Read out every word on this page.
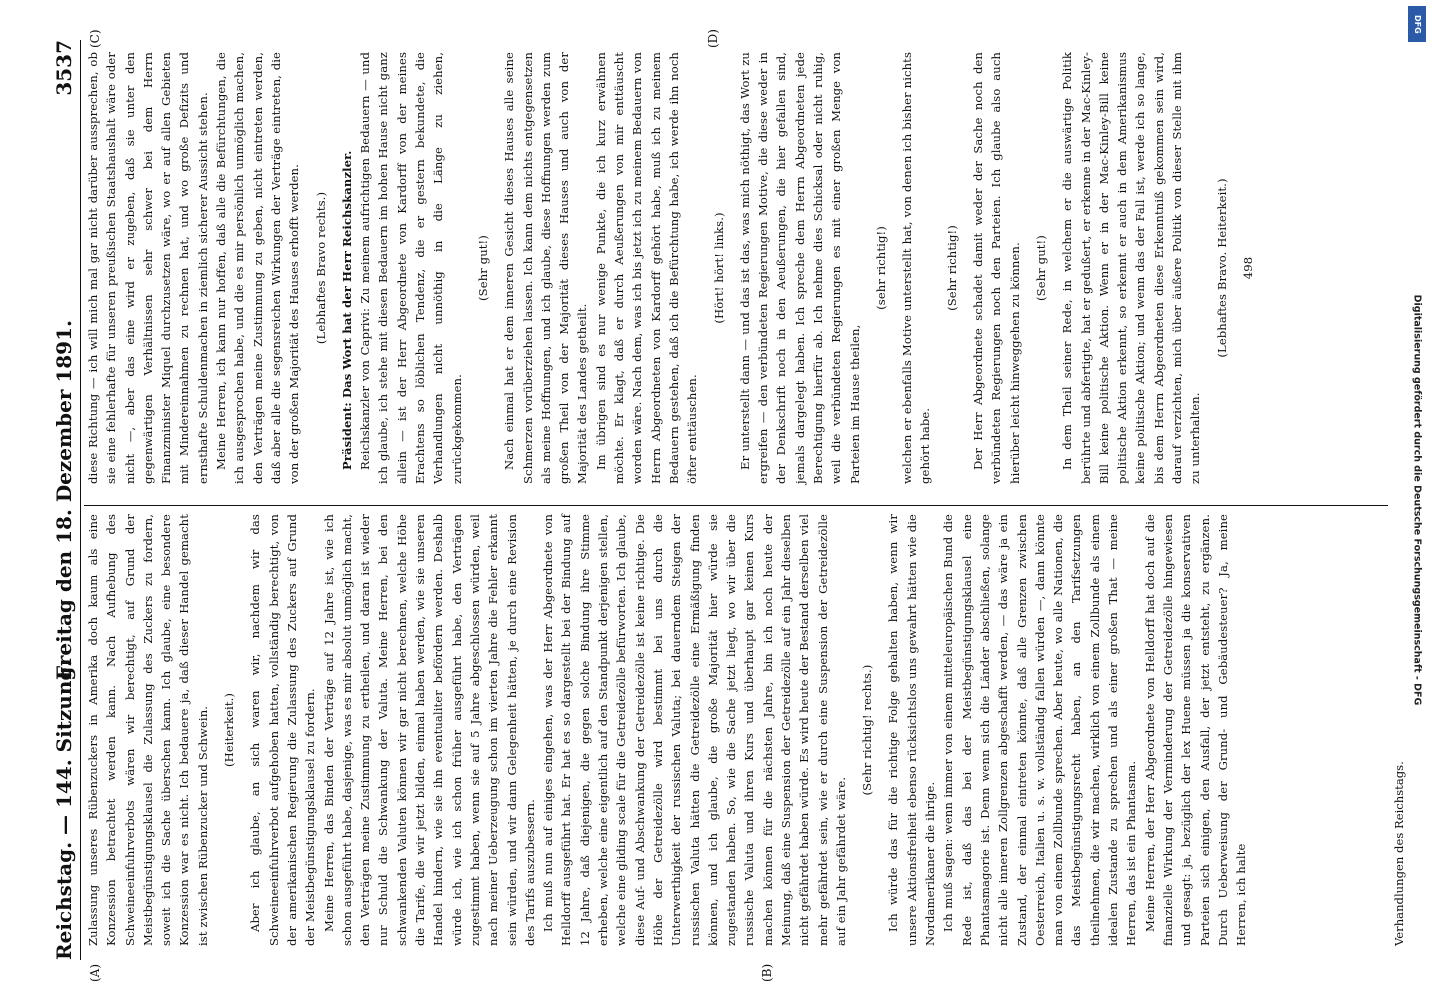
Reichstag. — 144. Sitzung.
Freitag den 18. Dezember 1891.
3537
(A)	(B)
(C)	(D)

Zulassung unseres Rübenzuckers in Amerika doch kaum als eine Konzession betrachtet werden kann. Nach Aufhebung des Schweineeinfuhrverbots wären wir berechtigt, auf Grund der Meistbegünstigungsklausel die Zulassung des Zuckers zu fordern, soweit ich die Sache überschen kann. Ich glaube, eine besondere Konzession war es nicht. Ich bedauere ja, daß dieser Handel gemacht ist zwischen Rübenzucker und Schwein. (Heiterkeit.) Aber ich glaube, an sich waren wir, nachdem wir das Schweineeinfuhrverbot aufgehoben hatten, vollständig berechtigt, von der amerikanischen Regierung die Zulassung des Zuckers auf Grund der Meistbegünstigungsklausel zu fordern. Meine Herren, das Binden der Verträge auf 12 Jahre ist, wie ich schon ausgeführt habe, dasjenige, was es mir absolut unmöglich macht, den Verträgen meine Zustimmung zu ertheilen, und daran ist wieder nur Schuld die Schwankung der Valuta. Meine Herren, bei den schwankenden Valuten können wir gar nicht berechnen, welche Höhe die Tarife, die wir jetzt bilden, einmal haben werden, wie sie unseren Handel hindern, wie sie ihn eventualiter befördern werden. Deshalb würde ich, wie ich schon früher ausgeführt habe, den Verträgen zugestimmt haben, wenn sie auf 5 Jahre abgeschlossen würden, weil nach meiner Ueberzeugung schon im vierten Jahre die Fehler erkannt sein würden, und wir dann Gelegenheit hätten, je durch eine Revision des Tarifs auszubessern. Ich muß nun auf einiges eingehen, was der Herr Abgeordnete von Helldorff ausgeführt hat. Er hat es so dargestellt bei der Bindung auf 12 Jahre, daß diejenigen, die gegen solche Bindung ihre Stimme erheben, welche eine eigentlich auf den Standpunkt derjenigen stellen, welche eine gliding scale für die Getreidezölle befürworten. Ich glaube, diese Auf- und Abschwankung der Getreidezölle ist keine richtige. Die Höhe der Getreidezölle wird bestimmt bei uns durch die Unterwerthigkeit der russischen Valuta; bei dauerndem Steigen der russischen Valuta hätten die Getreidezölle eine Ermäßigung finden können, und ich glaube, die große Majorität hier würde sie zugestanden haben. So, wie die Sache jetzt liegt, wo wir über die russische Valuta und ihren Kurs und überhaupt gar keinen Kurs machen können für die nächsten Jahre, bin ich noch heute der Meinung, daß eine Suspension der Getreidezölle auf ein Jahr dieselben nicht gefährdet haben würde. Es wird heute der Bestand derselben viel mehr gefährdet sein, wie er durch eine Suspension der Getreidezölle auf ein Jahr gefährdet wäre.

(Sehr richtig! rechts.) Ich würde das für die richtige Folge gehalten haben, wenn wir unsere Aktionsfreiheit ebenso rücksichtslos uns gewahrt hätten wie die Nordamerikaner die ihrige. Ich muß sagen: wenn immer von einem mitteleuropäischen Bund die Rede ist, daß das bei der Meistbegünstigungsklausel eine Phantasmagorie ist. Denn wenn sich die Länder abschließen, solange nicht alle inneren Zollgrenzen abgeschafft werden, — das wäre ja ein Zustand, der einmal eintreten könnte, daß alle Grenzen zwischen Oesterreich, Italien u. s. w. vollständig fallen würden —, dann könnte man von einem Zollbunde sprechen. Aber heute, wo alle Nationen, die das Meistbegünstigungsrecht haben, an den Tarifsetzungen theilnehmen, die wir machen, wirklich von einem Zollbunde als einem idealen Zustande zu sprechen und als einer großen That — meine Herren, das ist ein Phantasma. Meine Herren, der Herr Abgeordnete von Helldorff hat doch auf die finanzielle Wirkung der Verminderung der Getreidezölle hingewiesen und gesagt: ja, bezüglich der lex Huene müssen ja die konservativen Parteien sich einigen, den Ausfall, der jetzt entsteht, zu ergänzen. Durch Ueberweisung der Grund- und Gebäudesteuer? Ja, meine Herren, ich halte

diese Richtung — ich will mich mal gar nicht darüber aussprechen, ob sie eine fehlerhafte für unseren preußischen Staatshaushalt wäre oder nicht —, aber das eine wird er zugeben, daß sie unter den gegenwärtigen Verhältnissen sehr schwer bei dem Herrn Finanzminister Miquel durchzusetzen wäre, wo er auf allen Gebieten mit Mindereinnahmen zu rechnen hat, und wo große Defizits und ernsthafte Schuldenmachen in ziemlich sicherer Aussicht stehen. Meine Herren, ich kann nur hoffen, daß alle die Befürchtungen, die ich ausgesprochen habe, und die es mir persönlich unmöglich machen, den Verträgen meine Zustimmung zu geben, nicht eintreten werden, daß aber alle die segensreichen Wirkungen der Verträge eintreten, die von der großen Majorität des Hauses erhofft werden. (Lebhaftes Bravo rechts.) Präsident: Das Wort hat der Herr Reichskanzler. Reichskanzler von Caprivi: Zu meinem aufrichtigen Bedauern — und ich glaube, ich stehe mit diesen Bedauern im hohen Hause nicht ganz allein — ist der Herr Abgeordnete von Kardorff von der meines Erachtens so löblichen Tendenz, die er gestern bekundete, die Verhandlungen nicht unnöthig in die Länge zu ziehen, zurückgekommen.

(Sehr gut!) Nach einmal hat er dem inneren Gesicht dieses Hauses alle seine Schmerzen vorüberziehen lassen. Ich kann dem nichts entgegensetzen als meine Hoffnungen, und ich glaube, diese Hoffnungen werden zum großen Theil von der Majorität dieses Hauses und auch von der Majorität des Landes getheilt. Im übrigen sind es nur wenige Punkte, die ich kurz erwähnen möchte. Er klagt, daß er durch Aeußerungen von mir enttäuscht worden wäre. Nach dem, was ich bis jetzt ich zu meinem Bedauern von Herrn Abgeordneten von Kardorff gehört habe, muß ich zu meinem Bedauern gestehen, daß ich die Befürchtung habe, ich werde ihn noch öfter enttäuschen.

(Hört! hört! links.) Er unterstellt dann — und das ist das, was mich nöthigt, das Wort zu ergreifen — den verbündeten Regierungen Motive, die diese weder in der Denkschrift noch in den Aeußerungen, die hier gefallen sind, jemals dargelegt haben. Ich spreche dem Herrn Abgeordneten jede Berechtigung hierfür ab. Ich nehme dies Schicksal oder nicht ruhig, weil die verbündeten Regierungen es mit einer großen Menge von Parteien im Hause theilen,

(sehr richtig!) welchen er ebenfalls Motive unterstellt hat, von denen ich bisher nichts gehört habe.

(Sehr richtig!) Der Herr Abgeordnete schadet damit weder der Sache noch den verbündeten Regierungen noch den Parteien. Ich glaube also auch hierüber leicht hinweggehen zu können. (Sehr gut!) In dem Theil seiner Rede, in welchem er die auswärtige Politik berührte und abfertigte, hat er gedußert, er erkenne in der Mac-Kinley-Bill keine politische Aktion. Wenn er in der Mac-Kinley-Bill keine politische Aktion erkennt, so erkennt er auch in dem Amerikanismus keine politische Aktion; und wenn das der Fall ist, werde ich so lange, bis dem Herrn Abgeordneten diese Erkenntniß gekommen sein wird, darauf verzichten, mich über äußere Politik von dieser Stelle mit ihm zu unterhalten.

(Lebhaftes Bravo. Heiterkeit.) 498

Verhandlungen des Reichstags.
DFG
Digitalisierung gefördert durch die Deutsche Forschungsgemeinschaft - DFG
